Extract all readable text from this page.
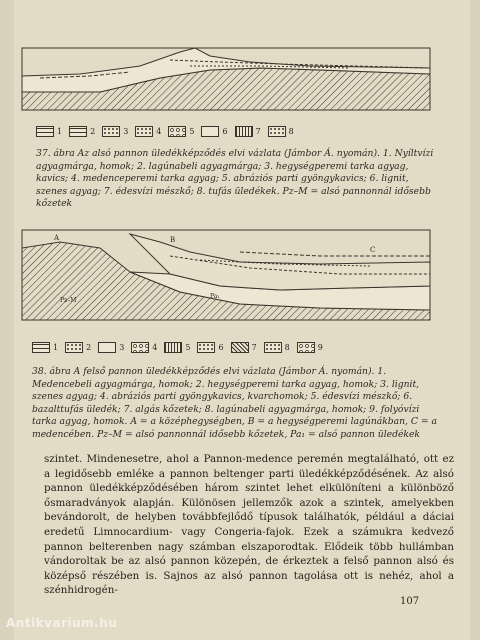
1	2	3	4	5	6	7	8
37. ábra Az alsó pannon üledékképződés elvi vázlata (Jámbor Á. nyomán). 1. Nyíltvízi agyagmárga, homok; 2. lagúnabeli agyagmárga; 3. hegységperemi tarka agyag, kavics; 4. medenceperemi tarka agyag; 5. abráziós parti gyöngykavics; 6. lignit, szenes agyag; 7. édesvízi mészkő; 8. tufás üledékek. Pz–M = alsó pannonnál idősebb kőzetek
A	B
C
Pz–M
Pa₁
1	2	3	4	5	6	7	8	9
38. ábra A felső pannon üledékképződés elvi vázlata (Jámbor Á. nyomán). 1. Medencebeli agyagmárga, homok; 2. hegységperemi tarka agyag, homok; 3. lignit, szenes agyag; 4. abráziós parti gyöngykavics, kvarchomok; 5. édesvízi mészkő; 6. bazalttufás üledék; 7. algás kőzetek; 8. lagúnabeli agyagmárga, homok; 9. folyóvízi tarka agyag, homok. A = a középhegységben, B = a hegységperemi lagúnákban, C = a medencében. Pz–M = alsó pannonnál idősebb kőzetek, Pa₁ = alsó pannon üledékek

szintet. Mindenesetre, ahol a Pannon-medence peremén megtalálható, ott ez a legidősebb emléke a pannon beltenger parti üledékképződésének. Az alsó pannon üledékképződésében három szintet lehet elkülöníteni a különböző ősmaradványok alapján. Különösen jellemzők azok a szintek, amelyekben bevándorolt, de helyben továbbfejlődő típusok találhatók, például a dáciai eredetű Limnocardium- vagy Congeria-fajok. Ezek a számukra kedvező pannon belterenben nagy számban elszaporodtak. Elődeik több hullámban vándoroltak be az alsó pannon közepén, de érkeztek a felső pannon alsó és középső részében is. Sajnos az alsó pannon tagolása ott is nehéz, ahol a szénhidrogén-

107
Antikvarium.hu
